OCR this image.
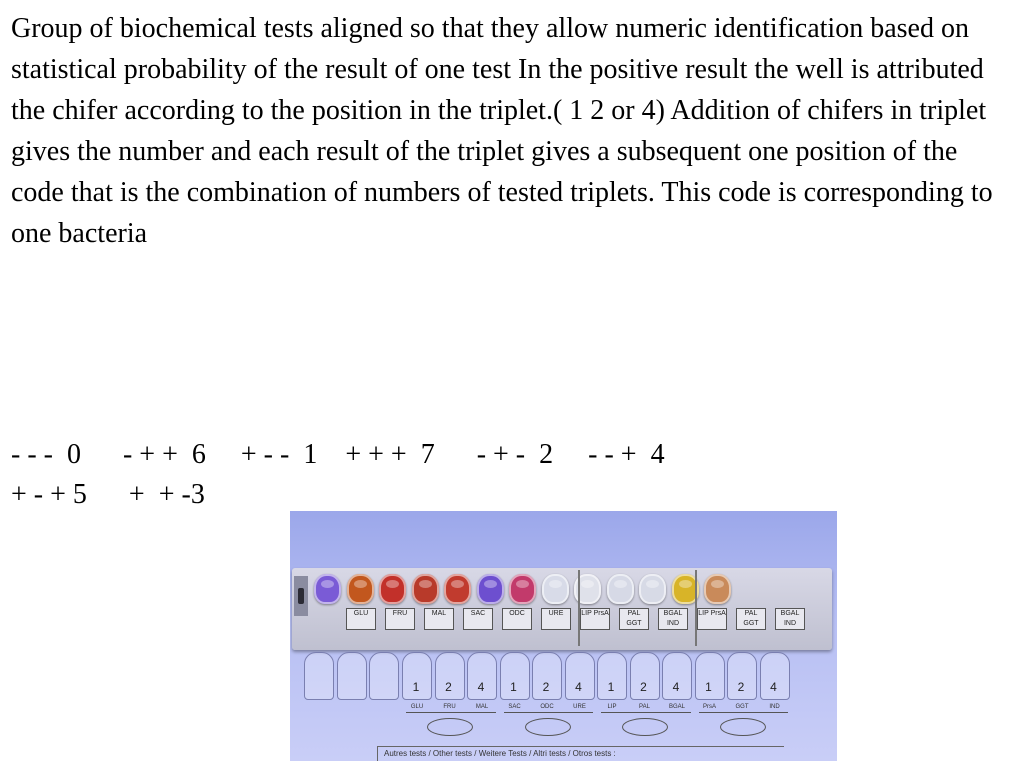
Group of biochemical tests aligned so that they allow numeric identification based on statistical probability of the result of one test In the positive result the well is attributed the chifer according to the position in the triplet.( 1 2 or 4) Addition of chifers in triplet gives the number and each result of the triplet gives a subsequent one position of the code that is the combination of numbers of tested triplets. This code is corresponding to one bacteria

- - -  0      - + +  6     + - -  1    + + +  7      - + -  2     - - +  4

+ - + 5      +  + -3

GLU	FRU	MAL	SAC	ODC	URE	LIP PrsA	PAL GGT
BGAL IND
LIP PrsA	PAL GGT
BGAL IND
1
GLU
2
FRU
4
MAL
1
SAC
2
ODC
4
URE
1
LIP
2
PAL
4
BGAL
1
PrsA
2
GGT
4
IND
Autres tests / Other tests / Weitere Tests / Altri tests / Otros tests :
